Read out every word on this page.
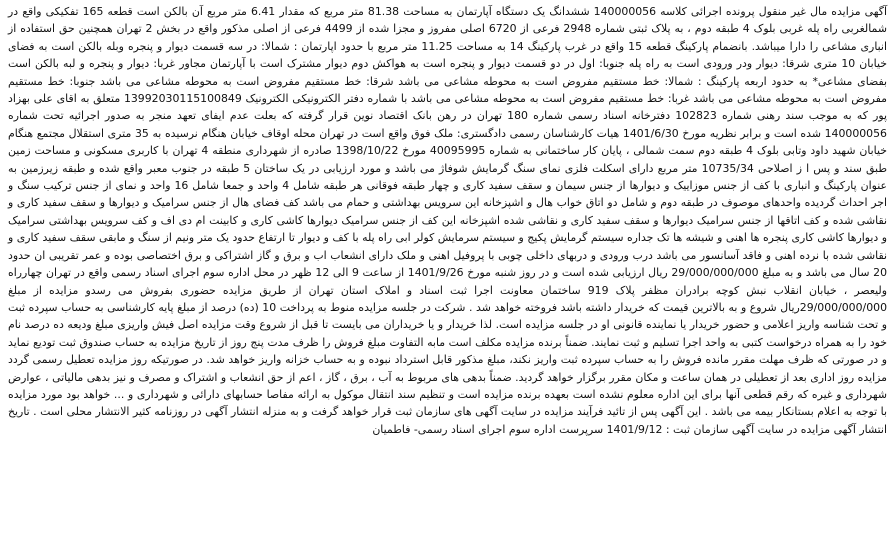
آگهی مزایده مال غیر منقول پرونده اجرائی کلاسه 140000056 ششدانگ یک دستگاه آپارتمان به مساحت 81.38 متر مربع که مقدار 6.41 متر مربع آن بالکن است قطعه 165 تفکیکی واقع در شمالغربی راه پله غربی بلوک 4 طبقه دوم ، به پلاک ثبتی شماره 2948 فرعی از 6720 اصلی مفروز و مجزا شده از 4499 فرعی از اصلی مذکور واقع در بخش 2 تهران همچنین حق استفاده از انباری مشاعی را دارا میباشد. بانضمام پارکینگ قطعه 15 واقع در غرب پارکینگ 14 به مساحت 11.25 متر مربع با حدود اپارتمان : شمالا: در سه قسمت دیوار و پنجره وبله بالکن است به فضای خیابان 10 متری شرقا: دیوار ودر ورودی است به راه پله جنوبا: اول در دو قسمت دیوار و پنجره است به هواکش دوم دیوار مشترک است با آپارتمان مجاور غربا: دیوار و پنجره و لبه بالکن است بفضای مشاعی* به حدود اربعه پارکینگ : شمالا: خط مستقیم مفروض است به محوطه مشاعی می باشد شرقا: خط مستقیم مفروض است به محوطه مشاعی می باشد جنوبا: خط مستقیم مفروض است به محوطه مشاعی می باشد غربا: خط مستقیم مفروض است به محوطه مشاعی می باشد با شماره دفتر الکترونیکی الکترونیک 13992030115100849 متعلق به اقای علی بهزاد پور که به موجب سند رهنی شماره 102823 دفترخانه اسناد رسمی شماره 180 تهران در رهن بانک اقتصاد نوین قرار گرفته که بعلت عدم ایفای تعهد منجر به صدور اجرائیه تحت شماره 140000056 شده است و برابر نظریه مورخ 1401/6/30 هیات کارشناسان رسمی دادگستری: ملک فوق واقع است در تهران محله اوقاف خیابان هنگام نرسیده به 35 متری استقلال مجتمع هنگام خیابان شهید داود وتابی بلوک 4 طبقه دوم سمت شمالی ، پایان کار ساختمانی به شماره 40095995 مورخ 1398/10/22 صادره از شهرداری منطقه 4 تهران با کاربری مسکونی و مساحت زمین طبق سند و پس ا ز اصلاحی 10735/34 متر مربع دارای اسکلت فلزی نمای سنگ گرمایش شوفاژ می باشد و مورد ارزیابی در یک ساختان 5 طبقه در جنوب معبر واقع شده و طبقه زیرزمین به عنوان پارکینگ و انباری با کف از جنس موزاییک و دیوارها از جنس سیمان و سقف سفید کاری و چهار طبقه فوقانی هر طبقه شامل 4 واحد و جمعا شامل 16 واحد و نمای از جنس ترکیب سنگ و اجر احداث گردیده واحدهای موصوف در طبقه دوم و شامل دو اتاق خواب هال و اشپزخانه این سرویس بهداشتی و حمام می باشد کف فضای هال از جنس سرامیک و دیوارها و سقف سفید کاری و نقاشی شده و کف اتاقها از جنس سرامیک دیوارها و سقف سفید کاری و نقاشی شده اشپزخانه این کف از جنس سرامیک دیوارها کاشی کاری و کابینت ام دی اف و کف سرویس بهداشتی سرامیک و دیوارها کاشی کاری پنجره ها اهنی و شیشه ها تک جداره سیستم گرمایش پکیج و سیستم سرمایش کولر ابی راه پله با کف و دیوار تا ارتفاع حدود یک متر ونیم از سنگ و مابقی سقف سفید کاری و نقاشی شده با نرده اهنی و فاقد آسانسور می باشد درب ورودی و دربهای داخلی چوبی با پروفیل اهنی و ملک دارای انشعاب اب و برق و گاز اشتراکی و برق اختصاصی بوده و عمر تقریبی ان حدود 20 سال می باشد و به مبلغ 29/000/000/000 ریال ارزیابی شده است و در روز شنبه مورخ 1401/9/26 از ساعت 9 الی 12 ظهر در محل اداره سوم اجرای اسناد رسمی واقع در تهران چهارراه ولیعصر ، خیابان انقلاب نبش کوچه برادران مظفر پلاک 919 ساختمان معاونت اجرا ثبت اسناد و املاک استان تهران از طریق مزایده حضوری بفروش می رسدو مزایده از مبلغ 29/000/000/000ریال شروع و به بالاترین قیمت که خریدار داشته باشد فروخته خواهد شد . شرکت در جلسه مزایده منوط به پرداخت 10 (ده) درصد از مبلغ پایه کارشناسی به حساب سپرده ثبت و تحت شناسه واریز اعلامی و حضور خریدار یا نماینده قانونی او در جلسه مزایده است. لذا خریدار و یا خریداران می بایست تا قبل از شروع وقت مزایده اصل فیش واریزی مبلغ ودیعه ده درصد نام خود را به همراه درخواست کتبی به واحد اجرا تسلیم و ثبت نمایند. ضمناً برنده مزایده مکلف است مابه التفاوت مبلغ فروش را ظرف مدت پنج روز از تاریخ مزایده به حساب صندوق ثبت تودیع نماید و در صورتی که ظرف مهلت مقرر مانده فروش را به حساب سپرده ثبت واریز نکند، مبلغ مذکور قابل استرداد نبوده و به حساب خزانه واریز خواهد شد. در صورتیکه روز مزایده تعطیل رسمی گردد مزایده روز اداری بعد از تعطیلی در همان ساعت و مکان مقرر برگزار خواهد گردید. ضمناً بدهی های مربوط به آب ، برق ، گاز ، اعم از حق انشعاب و اشتراک و مصرف و نیز بدهی مالیاتی ، عوارض شهرداری و غیره که رقم قطعی آنها برای این اداره معلوم نشده است بعهده برنده مزایده است و تنظیم سند انتقال موکول به ارائه مفاصا حسابهای دارائی و شهرداری و ... خواهد بود مورد مزایده با توجه به اعلام بستانکار بیمه می باشد . این آگهی پس از تائید فرآیند مزایده در سایت آگهی های سازمان ثبت قرار خواهد گرفت و به منزله انتشار آگهی در روزنامه کثیر الانتشار محلی است . تاریخ انتشار آگهی مزایده در سایت آگهی سازمان ثبت : 1401/9/12 سرپرست اداره سوم اجرای اسناد رسمی- فاطمیان
